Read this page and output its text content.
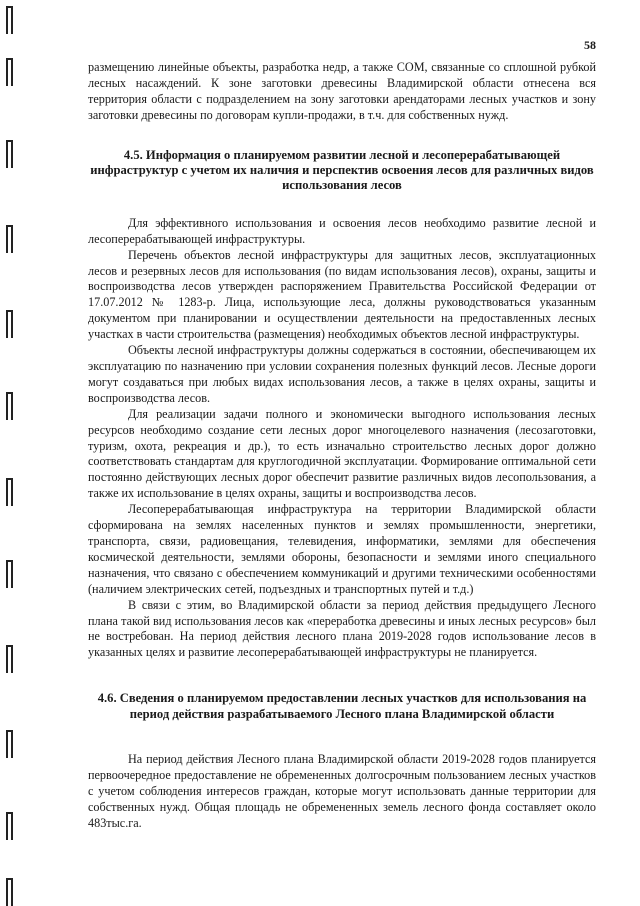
58

размещению линейные объекты, разработка недр, а также СОМ, связанные со сплошной рубкой лесных насаждений. К зоне заготовки древесины Владимирской области отнесена вся территория области с подразделением на зону заготовки арендаторами лесных участков и зону заготовки древесины по договорам купли-продажи, в т.ч. для собственных нужд.

4.5. Информация о планируемом развитии лесной и лесоперерабатывающей инфраструктур с учетом их наличия и перспектив освоения лесов для различных видов использования лесов

Для эффективного использования и освоения лесов необходимо развитие лесной и лесоперерабатывающей инфраструктуры.

Перечень объектов лесной инфраструктуры для защитных лесов, эксплуатационных лесов и резервных лесов для использования (по видам использования лесов), охраны, защиты и воспроизводства лесов утвержден распоряжением Правительства Российской Федерации от 17.07.2012 № 1283-р. Лица, использующие леса, должны руководствоваться указанным документом при планировании и осуществлении деятельности на предоставленных лесных участках в части строительства (размещения) необходимых объектов лесной инфраструктуры.

Объекты лесной инфраструктуры должны содержаться в состоянии, обеспечивающем их эксплуатацию по назначению при условии сохранения полезных функций лесов. Лесные дороги могут создаваться при любых видах использования лесов, а также в целях охраны, защиты и воспроизводства лесов.

Для реализации задачи полного и экономически выгодного использования лесных ресурсов необходимо создание сети лесных дорог многоцелевого назначения (лесозаготовки, туризм, охота, рекреация и др.), то есть изначально строительство лесных дорог должно соответствовать стандартам для круглогодичной эксплуатации. Формирование оптимальной сети постоянно действующих лесных дорог обеспечит развитие различных видов лесопользования, а также их использование в целях охраны, защиты и воспроизводства лесов.

Лесоперерабатывающая инфраструктура на территории Владимирской области сформирована на землях населенных пунктов и землях промышленности, энергетики, транспорта, связи, радиовещания, телевидения, информатики, землями для обеспечения космической деятельности, землями обороны, безопасности и землями иного специального назначения, что связано с обеспечением коммуникаций и другими техническими особенностями (наличием электрических сетей, подъездных и транспортных путей и т.д.)

В связи с этим, во Владимирской области за период действия предыдущего Лесного плана такой вид использования лесов как «переработка древесины и иных лесных ресурсов» был не востребован. На период действия лесного плана 2019-2028 годов использование лесов в указанных целях и развитие лесоперерабатывающей инфраструктуры не планируется.

4.6. Сведения о планируемом предоставлении лесных участков для использования на период действия разрабатываемого Лесного плана Владимирской области

На период действия Лесного плана Владимирской области 2019-2028 годов планируется первоочередное предоставление не обремененных долгосрочным пользованием лесных участков с учетом соблюдения интересов граждан, которые могут использовать данные территории для собственных нужд. Общая площадь не обремененных земель лесного фонда составляет около 483тыс.га.
